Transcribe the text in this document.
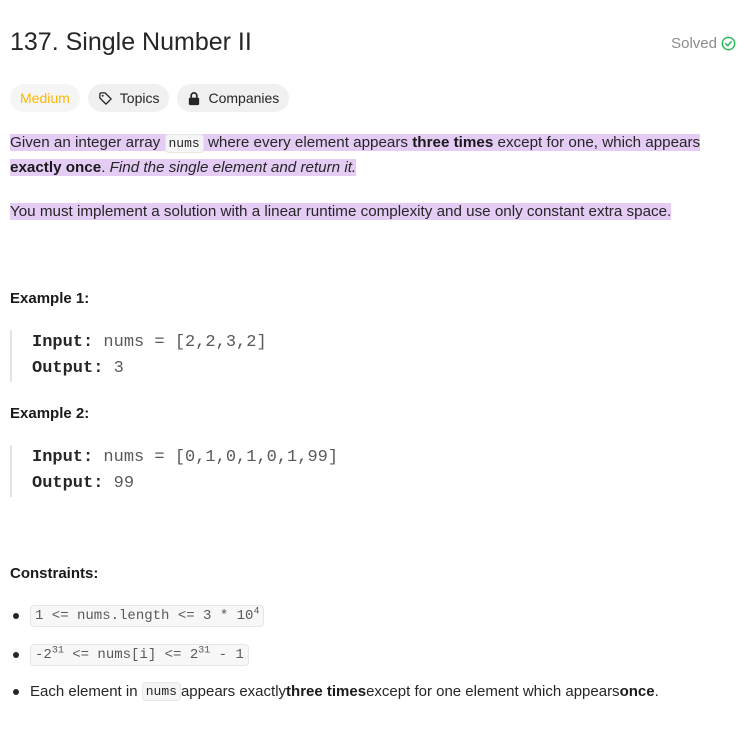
137. Single Number II	Solved
Medium	Topics	Companies

Given an integer array nums where every element appears three times except for one, which appears exactly once. Find the single element and return it.

You must implement a solution with a linear runtime complexity and use only constant extra space.

Example 1:
Input: nums = [2,2,3,2]
Output: 3
Example 2:
Input: nums = [0,1,0,1,0,1,99]
Output: 99
Constraints:
1 <= nums.length <= $3 * 10^4$
$-2^{31}$ <= nums[i] <= $2^{31} - 1$
Each element in
nums appears exactly three times except for one element which appears once .
